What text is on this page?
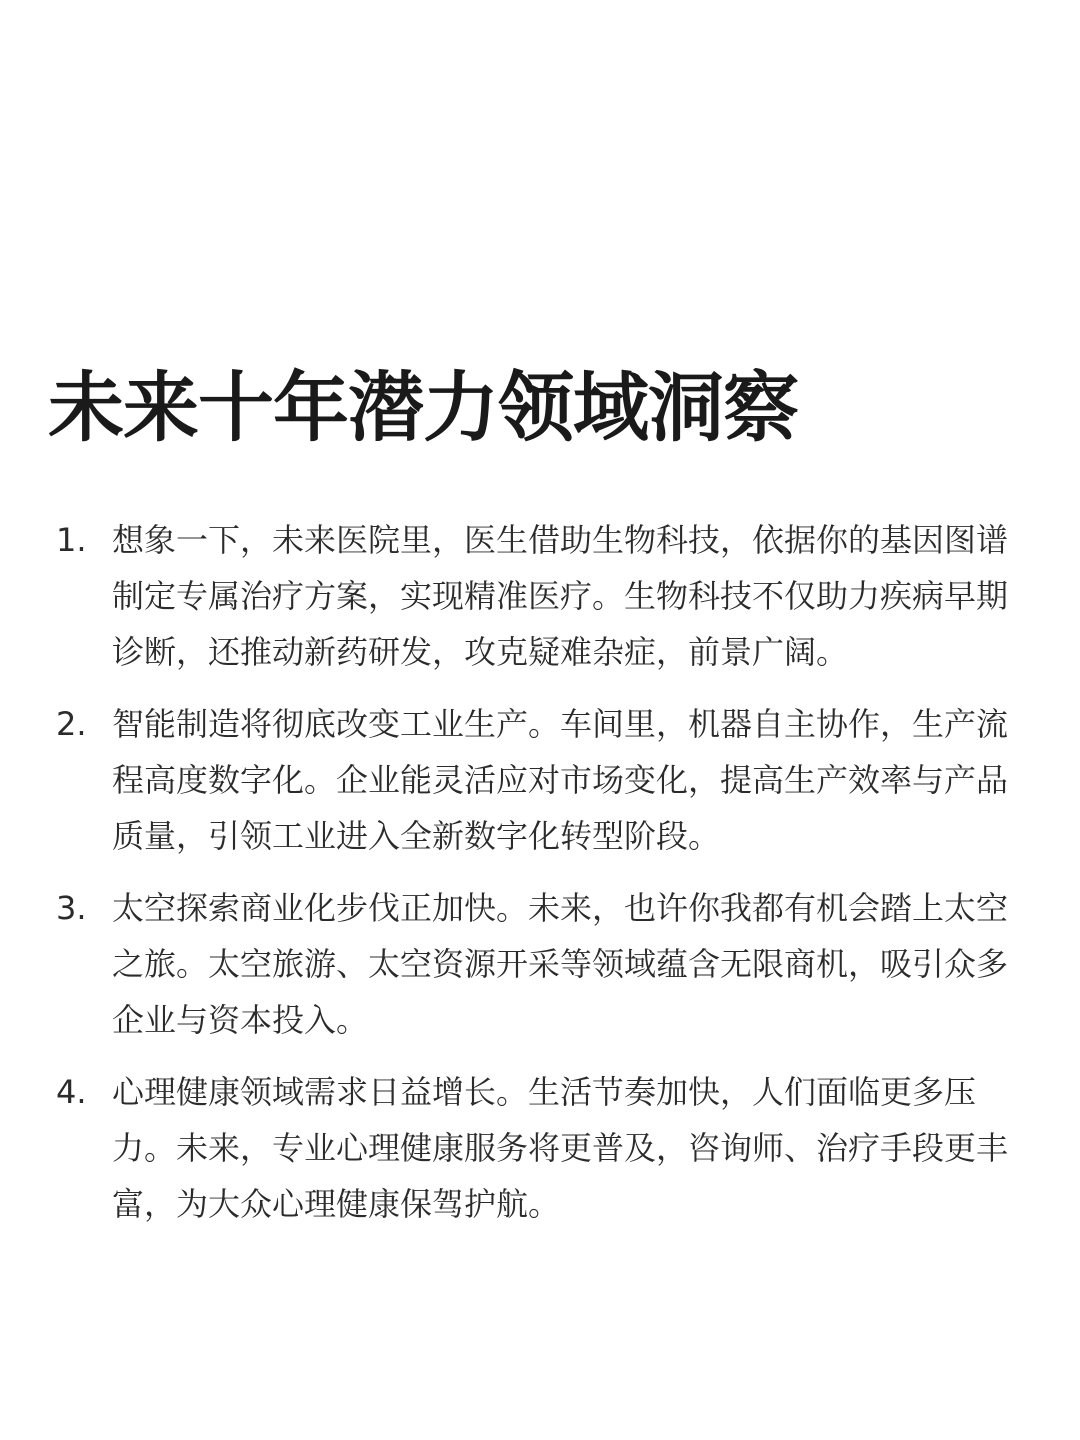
未来十年潜力领域洞察
1. 想象一下，未来医院里，医生借助生物科技，依据你的基因图谱制定专属治疗方案，实现精准医疗。生物科技不仅助力疾病早期诊断，还推动新药研发，攻克疑难杂症，前景广阔。
2. 智能制造将彻底改变工业生产。车间里，机器自主协作，生产流程高度数字化。企业能灵活应对市场变化，提高生产效率与产品质量，引领工业进入全新数字化转型阶段。
3. 太空探索商业化步伐正加快。未来，也许你我都有机会踏上太空之旅。太空旅游、太空资源开采等领域蕴含无限商机，吸引众多企业与资本投入。
4. 心理健康领域需求日益增长。生活节奏加快，人们面临更多压力。未来，专业心理健康服务将更普及，咨询师、治疗手段更丰富，为大众心理健康保驾护航。
